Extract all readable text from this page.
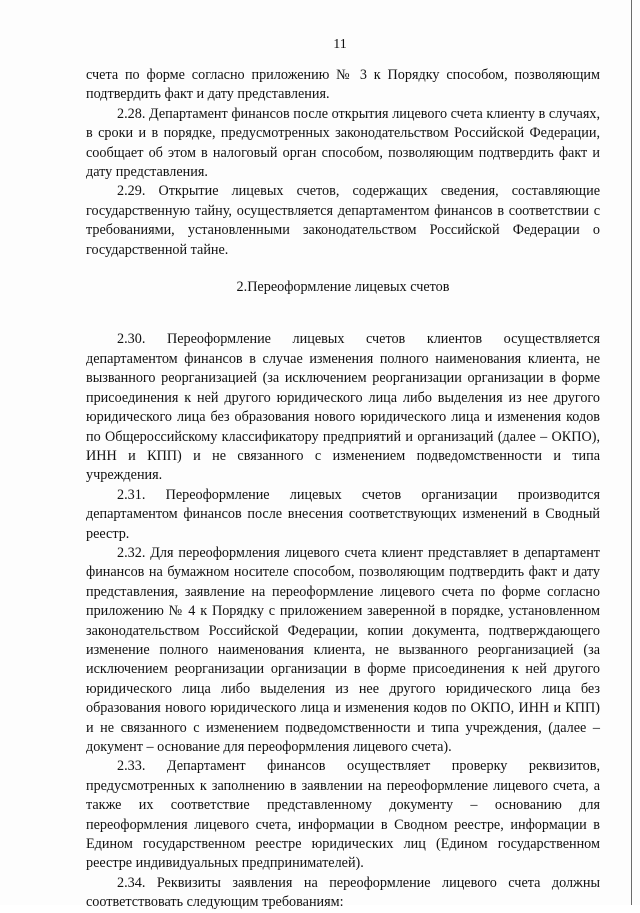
11

счета по форме согласно приложению № 3 к Порядку способом, позволяющим подтвердить факт и дату представления.

2.28. Департамент финансов после открытия лицевого счета клиенту в случаях, в сроки и в порядке, предусмотренных законодательством Российской Федерации, сообщает об этом в налоговый орган способом, позволяющим подтвердить факт и дату представления.

2.29. Открытие лицевых счетов, содержащих сведения, составляющие государственную тайну, осуществляется департаментом финансов в соответствии с требованиями, установленными законодательством Российской Федерации о государственной тайне.

2.Переоформление лицевых счетов

2.30. Переоформление лицевых счетов клиентов осуществляется департаментом финансов в случае изменения полного наименования клиента, не вызванного реорганизацией (за исключением реорганизации организации в форме присоединения к ней другого юридического лица либо выделения из нее другого юридического лица без образования нового юридического лица и изменения кодов по Общероссийскому классификатору предприятий и организаций (далее – ОКПО), ИНН и КПП) и не связанного с изменением подведомственности и типа учреждения.

2.31. Переоформление лицевых счетов организации производится департаментом финансов после внесения соответствующих изменений в Сводный реестр.

2.32. Для переоформления лицевого счета клиент представляет в департамент финансов на бумажном носителе способом, позволяющим подтвердить факт и дату представления, заявление на переоформление лицевого счета по форме согласно приложению № 4 к Порядку с приложением заверенной в порядке, установленном законодательством Российской Федерации, копии документа, подтверждающего изменение полного наименования клиента, не вызванного реорганизацией (за исключением реорганизации организации в форме присоединения к ней другого юридического лица либо выделения из нее другого юридического лица без образования нового юридического лица и изменения кодов по ОКПО, ИНН и КПП) и не связанного с изменением подведомственности и типа учреждения, (далее – документ – основание для переоформления лицевого счета).

2.33. Департамент финансов осуществляет проверку реквизитов, предусмотренных к заполнению в заявлении на переоформление лицевого счета, а также их соответствие представленному документу – основанию для переоформления лицевого счета, информации в Сводном реестре, информации в Едином государственном реестре юридических лиц (Едином государственном реестре индивидуальных предпринимателей).

2.34. Реквизиты заявления на переоформление лицевого счета должны соответствовать следующим требованиям:
